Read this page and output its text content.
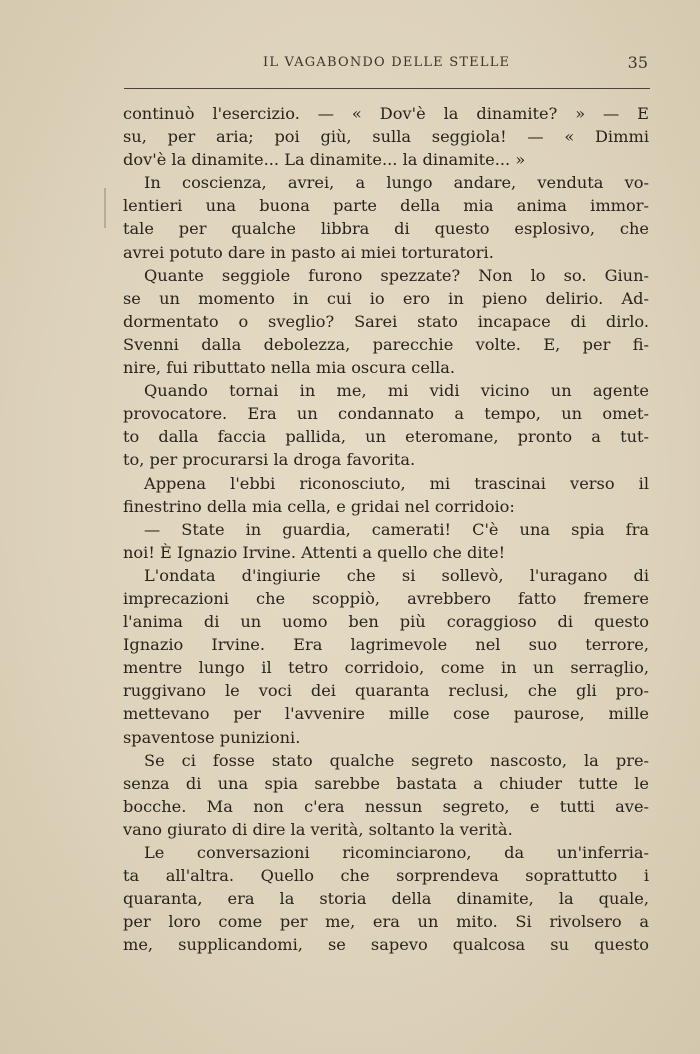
IL VAGABONDO DELLE STELLE	35
continuò l'esercizio. — « Dov'è la dinamite? » — E
su, per aria; poi giù, sulla seggiola! — « Dimmi
dov'è la dinamite... La dinamite... la dinamite... »
In coscienza, avrei, a lungo andare, venduta vo-
lentieri una buona parte della mia anima immor-
tale per qualche libbra di questo esplosivo, che
avrei potuto dare in pasto ai miei torturatori.
Quante seggiole furono spezzate? Non lo so. Giun-
se un momento in cui io ero in pieno delirio. Ad-
dormentato o sveglio? Sarei stato incapace di dirlo.
Svenni dalla debolezza, parecchie volte. E, per fi-
nire, fui ributtato nella mia oscura cella.
Quando tornai in me, mi vidi vicino un agente
provocatore. Era un condannato a tempo, un omet-
to dalla faccia pallida, un eteromane, pronto a tut-
to, per procurarsi la droga favorita.
Appena l'ebbi riconosciuto, mi trascinai verso il
finestrino della mia cella, e gridai nel corridoio:
— State in guardia, camerati! C'è una spia fra
noi! È Ignazio Irvine. Attenti a quello che dite!
L'ondata d'ingiurie che si sollevò, l'uragano di
imprecazioni che scoppiò, avrebbero fatto fremere
l'anima di un uomo ben più coraggioso di questo
Ignazio Irvine. Era lagrimevole nel suo terrore,
mentre lungo il tetro corridoio, come in un serraglio,
ruggivano le voci dei quaranta reclusi, che gli pro-
mettevano per l'avvenire mille cose paurose, mille
spaventose punizioni.
Se ci fosse stato qualche segreto nascosto, la pre-
senza di una spia sarebbe bastata a chiuder tutte le
bocche. Ma non c'era nessun segreto, e tutti ave-
vano giurato di dire la verità, soltanto la verità.
Le conversazioni ricominciarono, da un'inferria-
ta all'altra. Quello che sorprendeva soprattutto i
quaranta, era la storia della dinamite, la quale,
per loro come per me, era un mito. Si rivolsero a
me, supplicandomi, se sapevo qualcosa su questo
